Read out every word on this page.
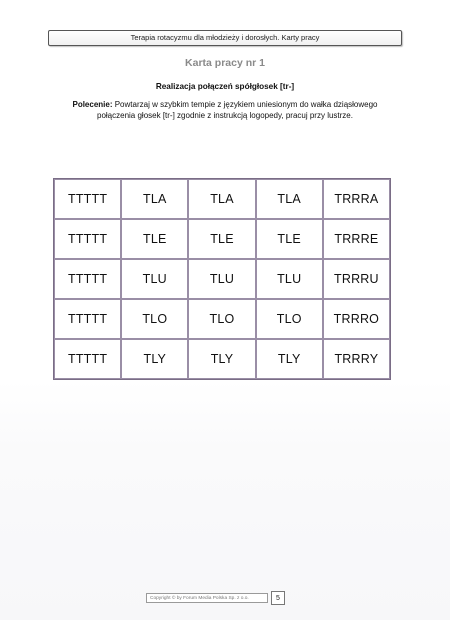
Terapia rotacyzmu dla młodzieży i dorosłych. Karty pracy
Karta pracy nr 1
Realizacja połączeń spółgłosek [tr-]
Polecenie: Powtarzaj w szybkim tempie z językiem uniesionym do wałka dziąsłowego połączenia głosek [tr-] zgodnie z instrukcją logopedy, pracuj przy lustrze.
TTTTT	TLA	TLA	TLA	TRRRA
TTTTT	TLE	TLE	TLE	TRRRE
TTTTT	TLU	TLU	TLU	TRRRU
TTTTT	TLO	TLO	TLO	TRRRO
TTTTT	TLY	TLY	TLY	TRRRY
Copyright © by Forum Media Polska Sp. z o.o.	5
